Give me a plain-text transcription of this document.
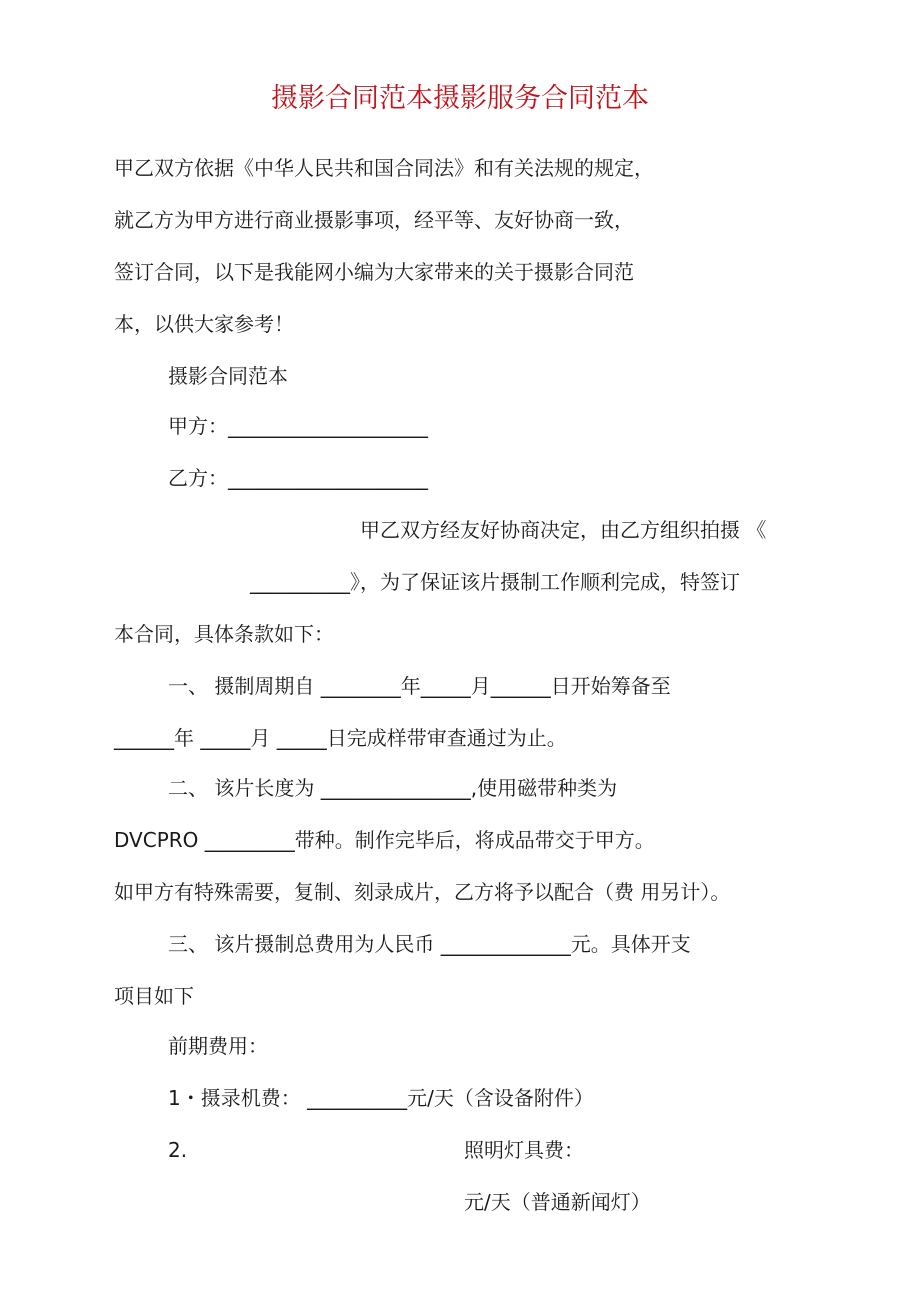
摄影合同范本摄影服务合同范本
甲乙双方依据《中华人民共和国合同法》和有关法规的规定，
就乙方为甲方进行商业摄影事项，经平等、友好协商一致，
签订合同，以下是我能网小编为大家带来的关于摄影合同范
本，以供大家参考！
摄影合同范本
甲方：____________________
乙方：____________________
甲乙双方经友好协商决定，由乙方组织拍摄 《
__________》，为了保证该片摄制工作顺利完成，特签订
本合同，具体条款如下：
一、 摄制周期自 ________年_____月______日开始筹备至
______年 _____月 _____日完成样带审查通过为止。
二、 该片长度为 _______________,使用磁带种类为
DVCPRO _________带种。制作完毕后，将成品带交于甲方。
如甲方有特殊需要，复制、刻录成片，乙方将予以配合（费 用另计）。
三、 该片摄制总费用为人民币 _____________元。具体开支
项目如下
前期费用：
1・摄录机费： __________元/天（含设备附件）
2.	照明灯具费：
元/天（普通新闻灯）
